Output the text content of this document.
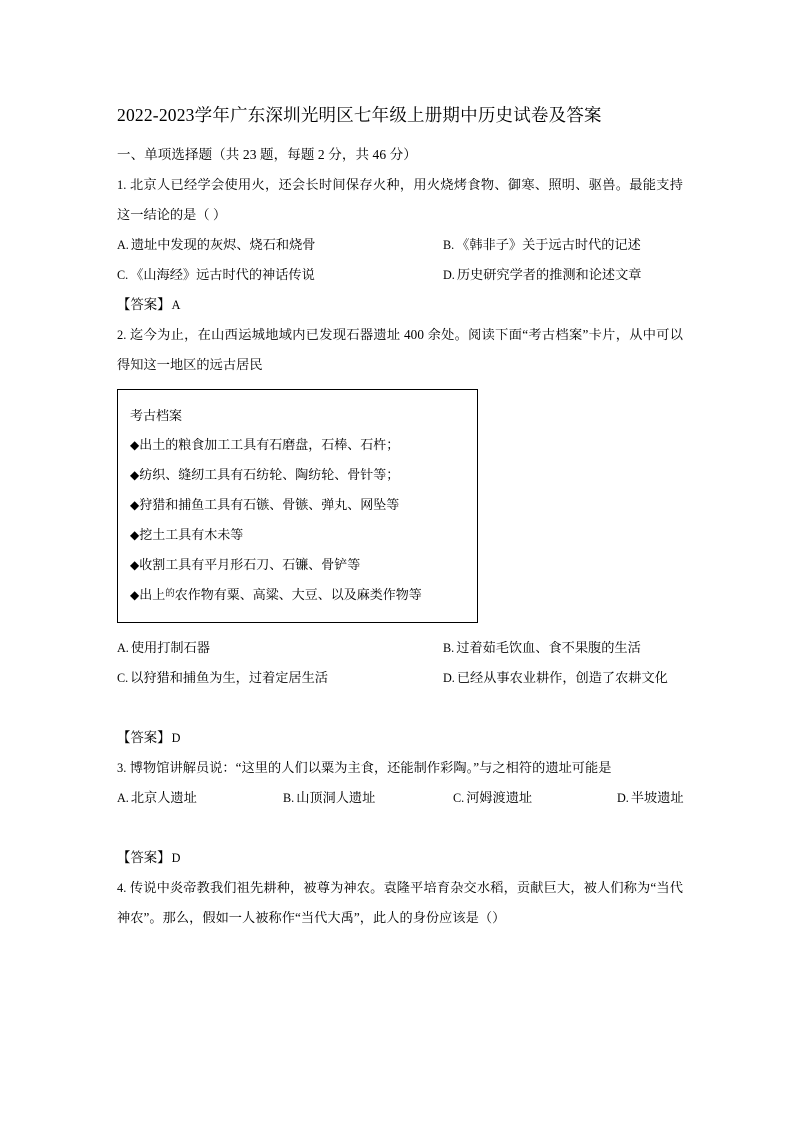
2022-2023学年广东深圳光明区七年级上册期中历史试卷及答案

一、单项选择题（共 23 题，每题 2 分，共 46 分）

1. 北京人已经学会使用火，还会长时间保存火种，用火烧烤食物、御寒、照明、驱兽。最能支持这一结论的是（ ）

A. 遗址中发现的灰烬、烧石和烧骨	B. 《韩非子》关于远古时代的记述
C. 《山海经》远古时代的神话传说	D. 历史研究学者的推测和论述文章

【答案】A

2. 迄今为止，在山西运城地域内已发现石器遗址 400 余处。阅读下面“考古档案”卡片，从中可以得知这一地区的远古居民

考古档案

◆出土的粮食加工工具有石磨盘，石棒、石杵；

◆纺织、缝纫工具有石纺轮、陶纺轮、骨针等；

◆狩猎和捕鱼工具有石镞、骨镞、弹丸、网坠等

◆挖土工具有木未等

◆收割工具有平月形石刀、石镰、骨铲等

◆出上$^的$农作物有粟、高粱、大豆、以及麻类作物等

A. 使用打制石器	B. 过着茹毛饮血、食不果腹的生活
C. 以狩猎和捕鱼为生，过着定居生活	D. 已经从事农业耕作，创造了农耕文化

【答案】D

3. 博物馆讲解员说：“这里的人们以粟为主食，还能制作彩陶。”与之相符的遗址可能是

A. 北京人遗址	B. 山顶洞人遗址	C. 河姆渡遗址	D. 半坡遗址

【答案】D

4. 传说中炎帝教我们祖先耕种，被尊为神农。袁隆平培育杂交水稻，贡献巨大，被人们称为“当代神农”。那么，假如一人被称作“当代大禹”，此人的身份应该是（）
